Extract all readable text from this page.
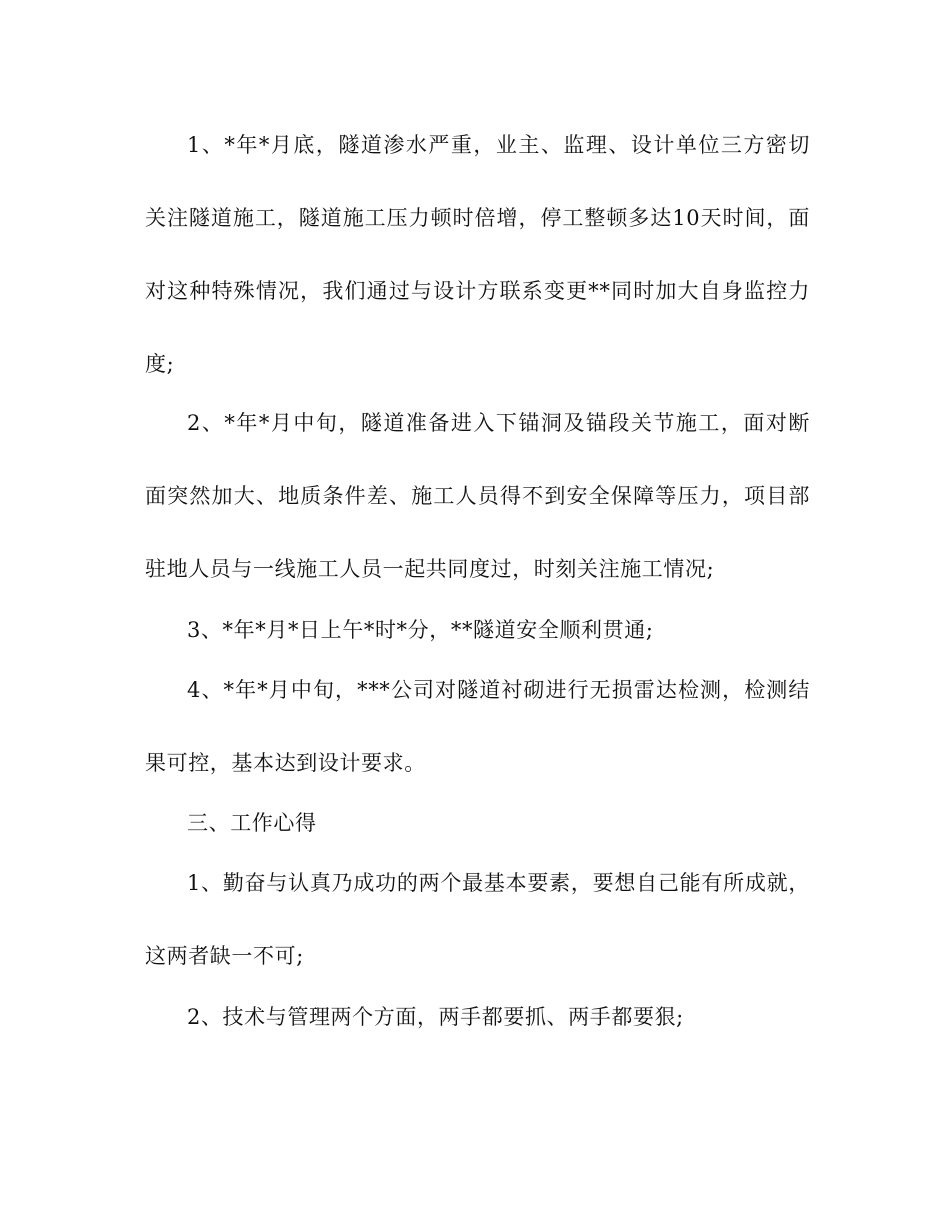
1、*年*月底，隧道渗水严重，业主、监理、设计单位三方密切
关注隧道施工，隧道施工压力顿时倍增，停工整顿多达10天时间，面
对这种特殊情况，我们通过与设计方联系变更**同时加大自身监控力
度;
2、*年*月中旬，隧道准备进入下锚洞及锚段关节施工，面对断
面突然加大、地质条件差、施工人员得不到安全保障等压力，项目部
驻地人员与一线施工人员一起共同度过，时刻关注施工情况;
3、*年*月*日上午*时*分，**隧道安全顺利贯通;
4、*年*月中旬，***公司对隧道衬砌进行无损雷达检测，检测结
果可控，基本达到设计要求。
三、工作心得
1、勤奋与认真乃成功的两个最基本要素，要想自己能有所成就，
这两者缺一不可;
2、技术与管理两个方面，两手都要抓、两手都要狠;
